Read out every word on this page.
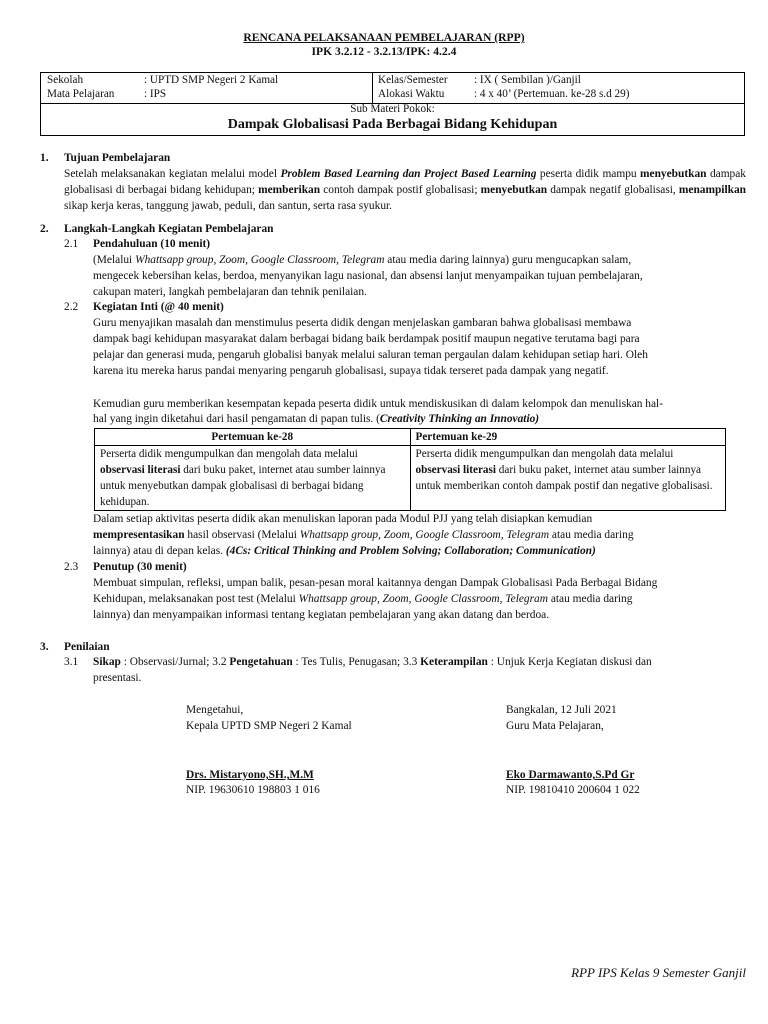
RENCANA PELAKSANAAN PEMBELAJARAN (RPP)
IPK 3.2.12 - 3.2.13/IPK: 4.2.4
Sekolah	: UPTD SMP Negeri 2 Kamal
Mata Pelajaran	: IPS
Kelas/Semester : IX ( Sembilan )/Ganjil
Alokasi Waktu	: 4 x 40’ (Pertemuan. ke-28 s.d 29)
Sub Materi Pokok:
Dampak Globalisasi Pada Berbagai Bidang Kehidupan
1. Tujuan Pembelajaran
Setelah melaksanakan kegiatan melalui model Problem Based Learning dan Project Based Learning peserta didik mampu menyebutkan dampak globalisasi di berbagai bidang kehidupan; memberikan contoh dampak postif globalisasi; menyebutkan dampak negatif globalisasi, menampilkan sikap kerja keras, tanggung jawab, peduli, dan santun, serta rasa syukur.
2. Langkah-Langkah Kegiatan Pembelajaran
2.1 Pendahuluan (10 menit)
(Melalui Whattsapp group, Zoom, Google Classroom, Telegram atau media daring lainnya) guru mengucapkan salam,
mengecek kebersihan kelas, berdoa, menyanyikan lagu nasional, dan absensi lanjut menyampaikan tujuan pembelajaran,
cakupan materi, langkah pembelajaran dan tehnik penilaian.
2.2 Kegiatan Inti (@ 40 menit)
Guru menyajikan masalah dan menstimulus peserta didik dengan menjelaskan gambaran bahwa globalisasi membawa
dampak bagi kehidupan masyarakat dalam berbagai bidang baik berdampak positif maupun negative terutama bagi para
pelajar dan generasi muda, pengaruh globalisi banyak melalui saluran teman pergaulan dalam kehidupan setiap hari. Oleh
karena itu mereka harus pandai menyaring pengaruh globalisasi, supaya tidak terseret pada dampak yang negatif.
Kemudian guru memberikan kesempatan kepada peserta didik untuk mendiskusikan di dalam kelompok dan menuliskan hal-
hal yang ingin diketahui dari hasil pengamatan di papan tulis. (Creativity Thinking an Innovatio)
Pertemuan ke-28	Pertemuan ke-29
Perserta didik mengumpulkan dan mengolah data melalui observasi literasi dari buku paket, internet atau sumber lainnya untuk menyebutkan dampak globalisasi di berbagai bidang kehidupan.	Perserta didik mengumpulkan dan mengolah data melalui observasi literasi dari buku paket, internet atau sumber lainnya untuk memberikan contoh dampak postif dan negative globalisasi.
Dalam setiap aktivitas peserta didik akan menuliskan laporan pada Modul PJJ yang telah disiapkan kemudian
mempresentasikan hasil observasi (Melalui Whattsapp group, Zoom, Google Classroom, Telegram atau media daring
lainnya) atau di depan kelas. (4Cs: Critical Thinking and Problem Solving; Collaboration; Communication)
2.3 Penutup (30 menit)
Membuat simpulan, refleksi, umpan balik, pesan-pesan moral kaitannya dengan Dampak Globalisasi Pada Berbagai Bidang
Kehidupan, melaksanakan post test (Melalui Whattsapp group, Zoom, Google Classroom, Telegram atau media daring
lainnya) dan menyampaikan informasi tentang kegiatan pembelajaran yang akan datang dan berdoa.
3. Penilaian
3.1 Sikap : Observasi/Jurnal; 3.2 Pengetahuan : Tes Tulis, Penugasan; 3.3 Keterampilan : Unjuk Kerja Kegiatan diskusi dan
presentasi.
Mengetahui,
Kepala UPTD SMP Negeri 2 Kamal
Drs. Mistaryono,SH.,M.M
NIP. 19630610 198803 1 016
Bangkalan, 12 Juli 2021
Guru Mata Pelajaran,
Eko Darmawanto,S.Pd Gr
NIP. 19810410 200604 1 022
RPP IPS Kelas 9 Semester Ganjil
